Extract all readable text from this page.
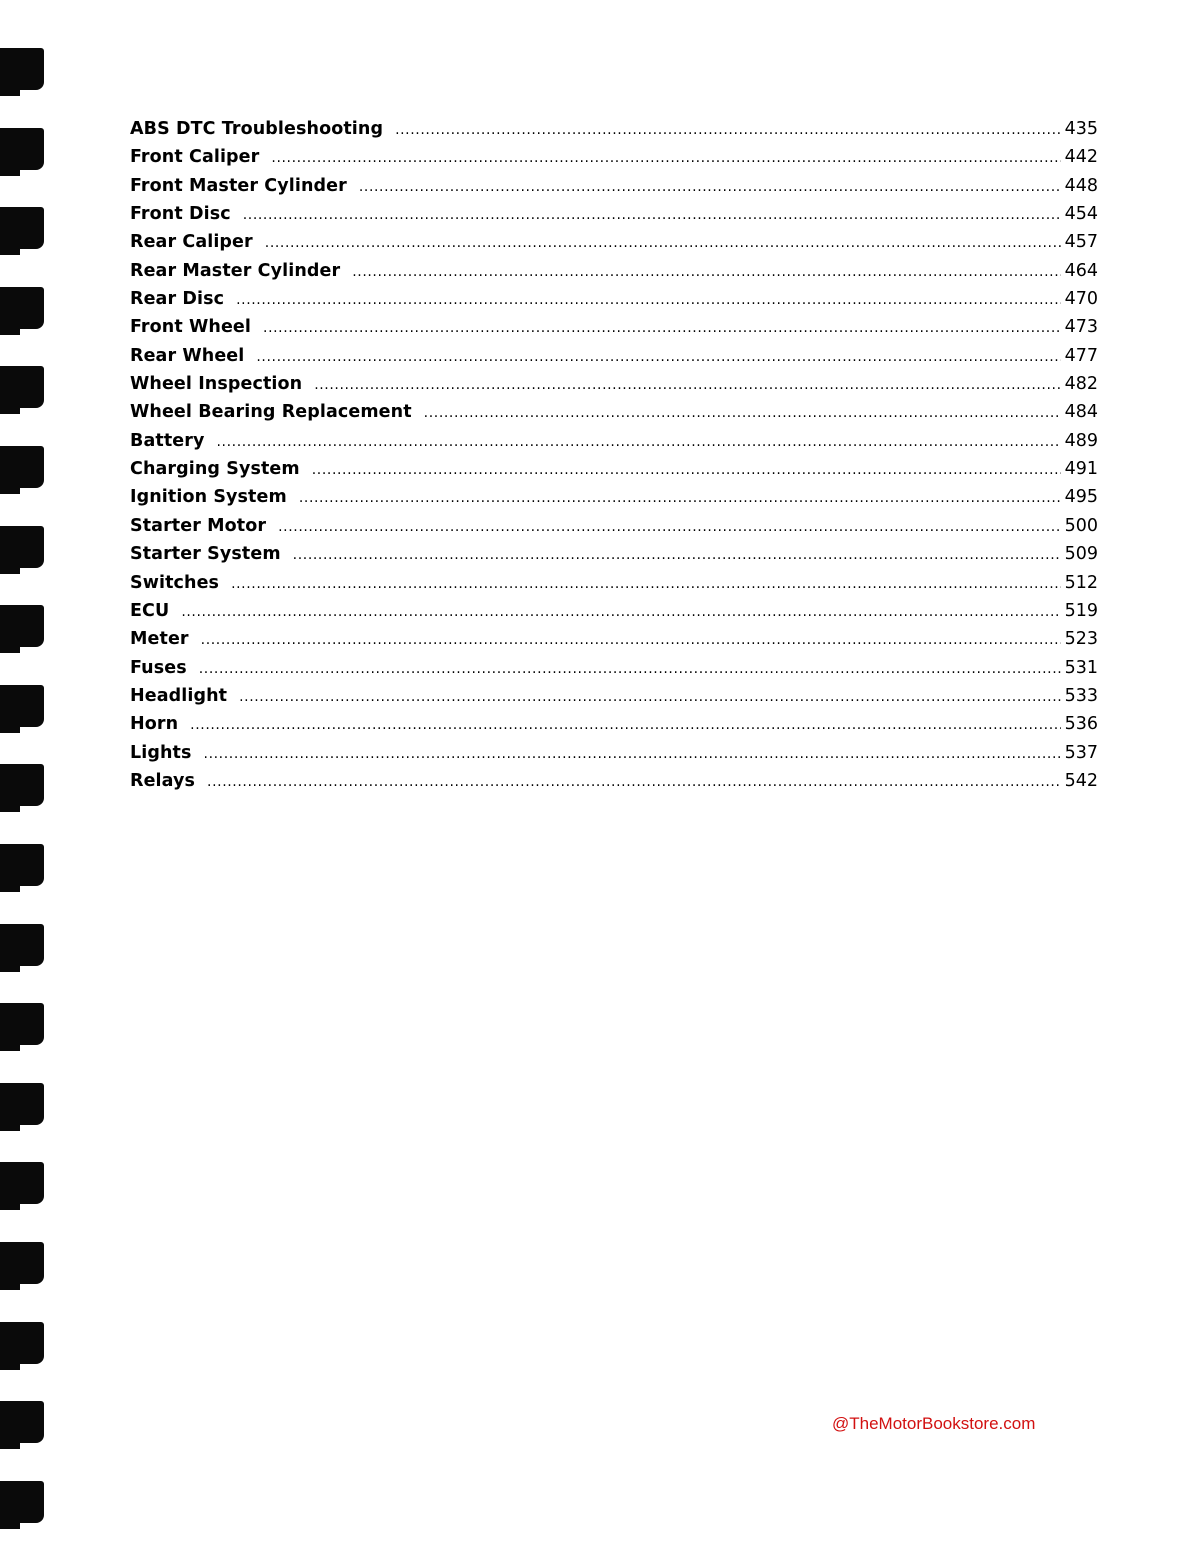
ABS DTC Troubleshooting .....	435
Front Caliper .....	442
Front Master Cylinder .....	448
Front Disc .....	454
Rear Caliper .....	457
Rear Master Cylinder .....	464
Rear Disc .....	470
Front Wheel .....	473
Rear Wheel .....	477
Wheel Inspection .....	482
Wheel Bearing Replacement .....	484
Battery .....	489
Charging System .....	491
Ignition System .....	495
Starter Motor .....	500
Starter System .....	509
Switches .....	512
ECU .....	519
Meter .....	523
Fuses .....	531
Headlight .....	533
Horn .....	536
Lights .....	537
Relays .....	542
@TheMotorBookstore.com
